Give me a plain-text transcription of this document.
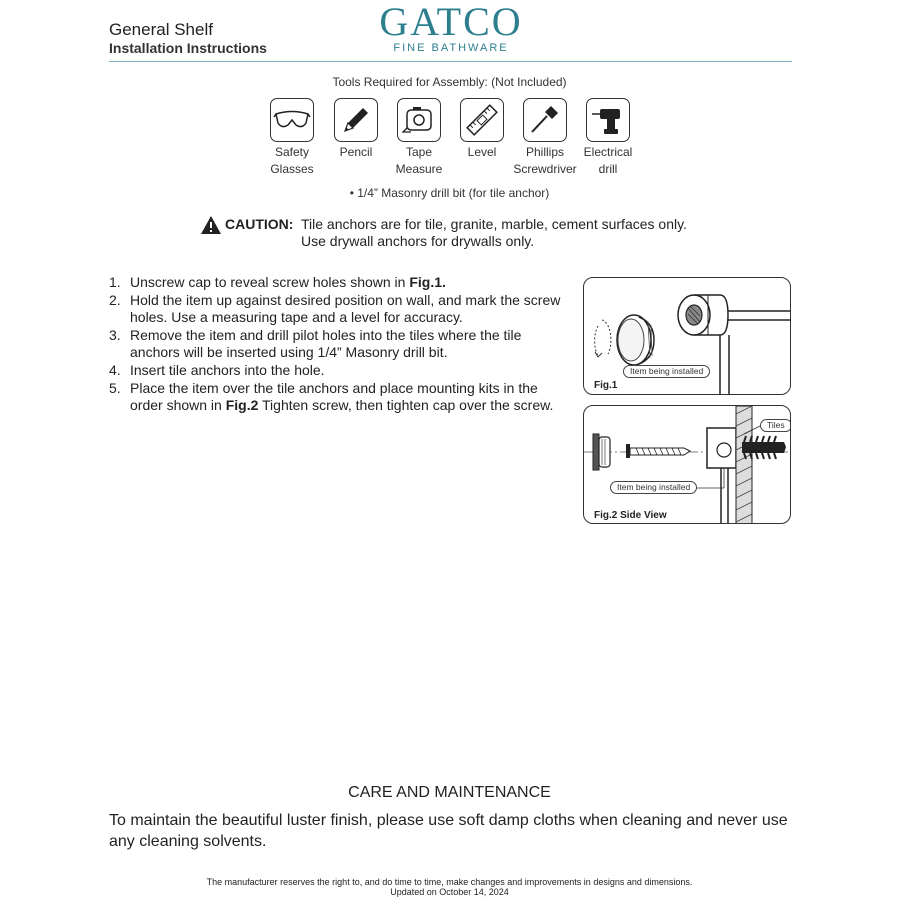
General Shelf
Installation Instructions
GATCO
FINE BATHWARE
Tools Required for Assembly: (Not Included)
Safety
Glasses
Pencil	Tape
Measure
Level	Phillips
Screwdriver
Electrical
drill
• 1/4” Masonry drill bit (for tile anchor)
CAUTION: Tile anchors are for tile, granite, marble, cement surfaces only.
Use drywall anchors for drywalls only.
1. Unscrew cap to reveal screw holes shown in Fig.1.
2. Hold the item up against desired position on wall, and mark the screw holes. Use a measuring tape and a level for accuracy.
3. Remove the item and drill pilot holes into the tiles where the tile anchors will be inserted using 1/4” Masonry drill bit.
4. Insert tile anchors into the hole.
5. Place the item over the tile anchors and place mounting kits in the order shown in Fig.2 Tighten screw, then tighten cap over the screw.
Item being installed
Fig.1
Tiles
Item being installed
Fig.2 Side View
CARE AND MAINTENANCE
To maintain the beautiful luster finish, please use soft damp cloths when cleaning and never use any cleaning solvents.
The manufacturer reserves the right to, and do time to time, make changes and improvements in designs and dimensions.
Updated on October 14, 2024
